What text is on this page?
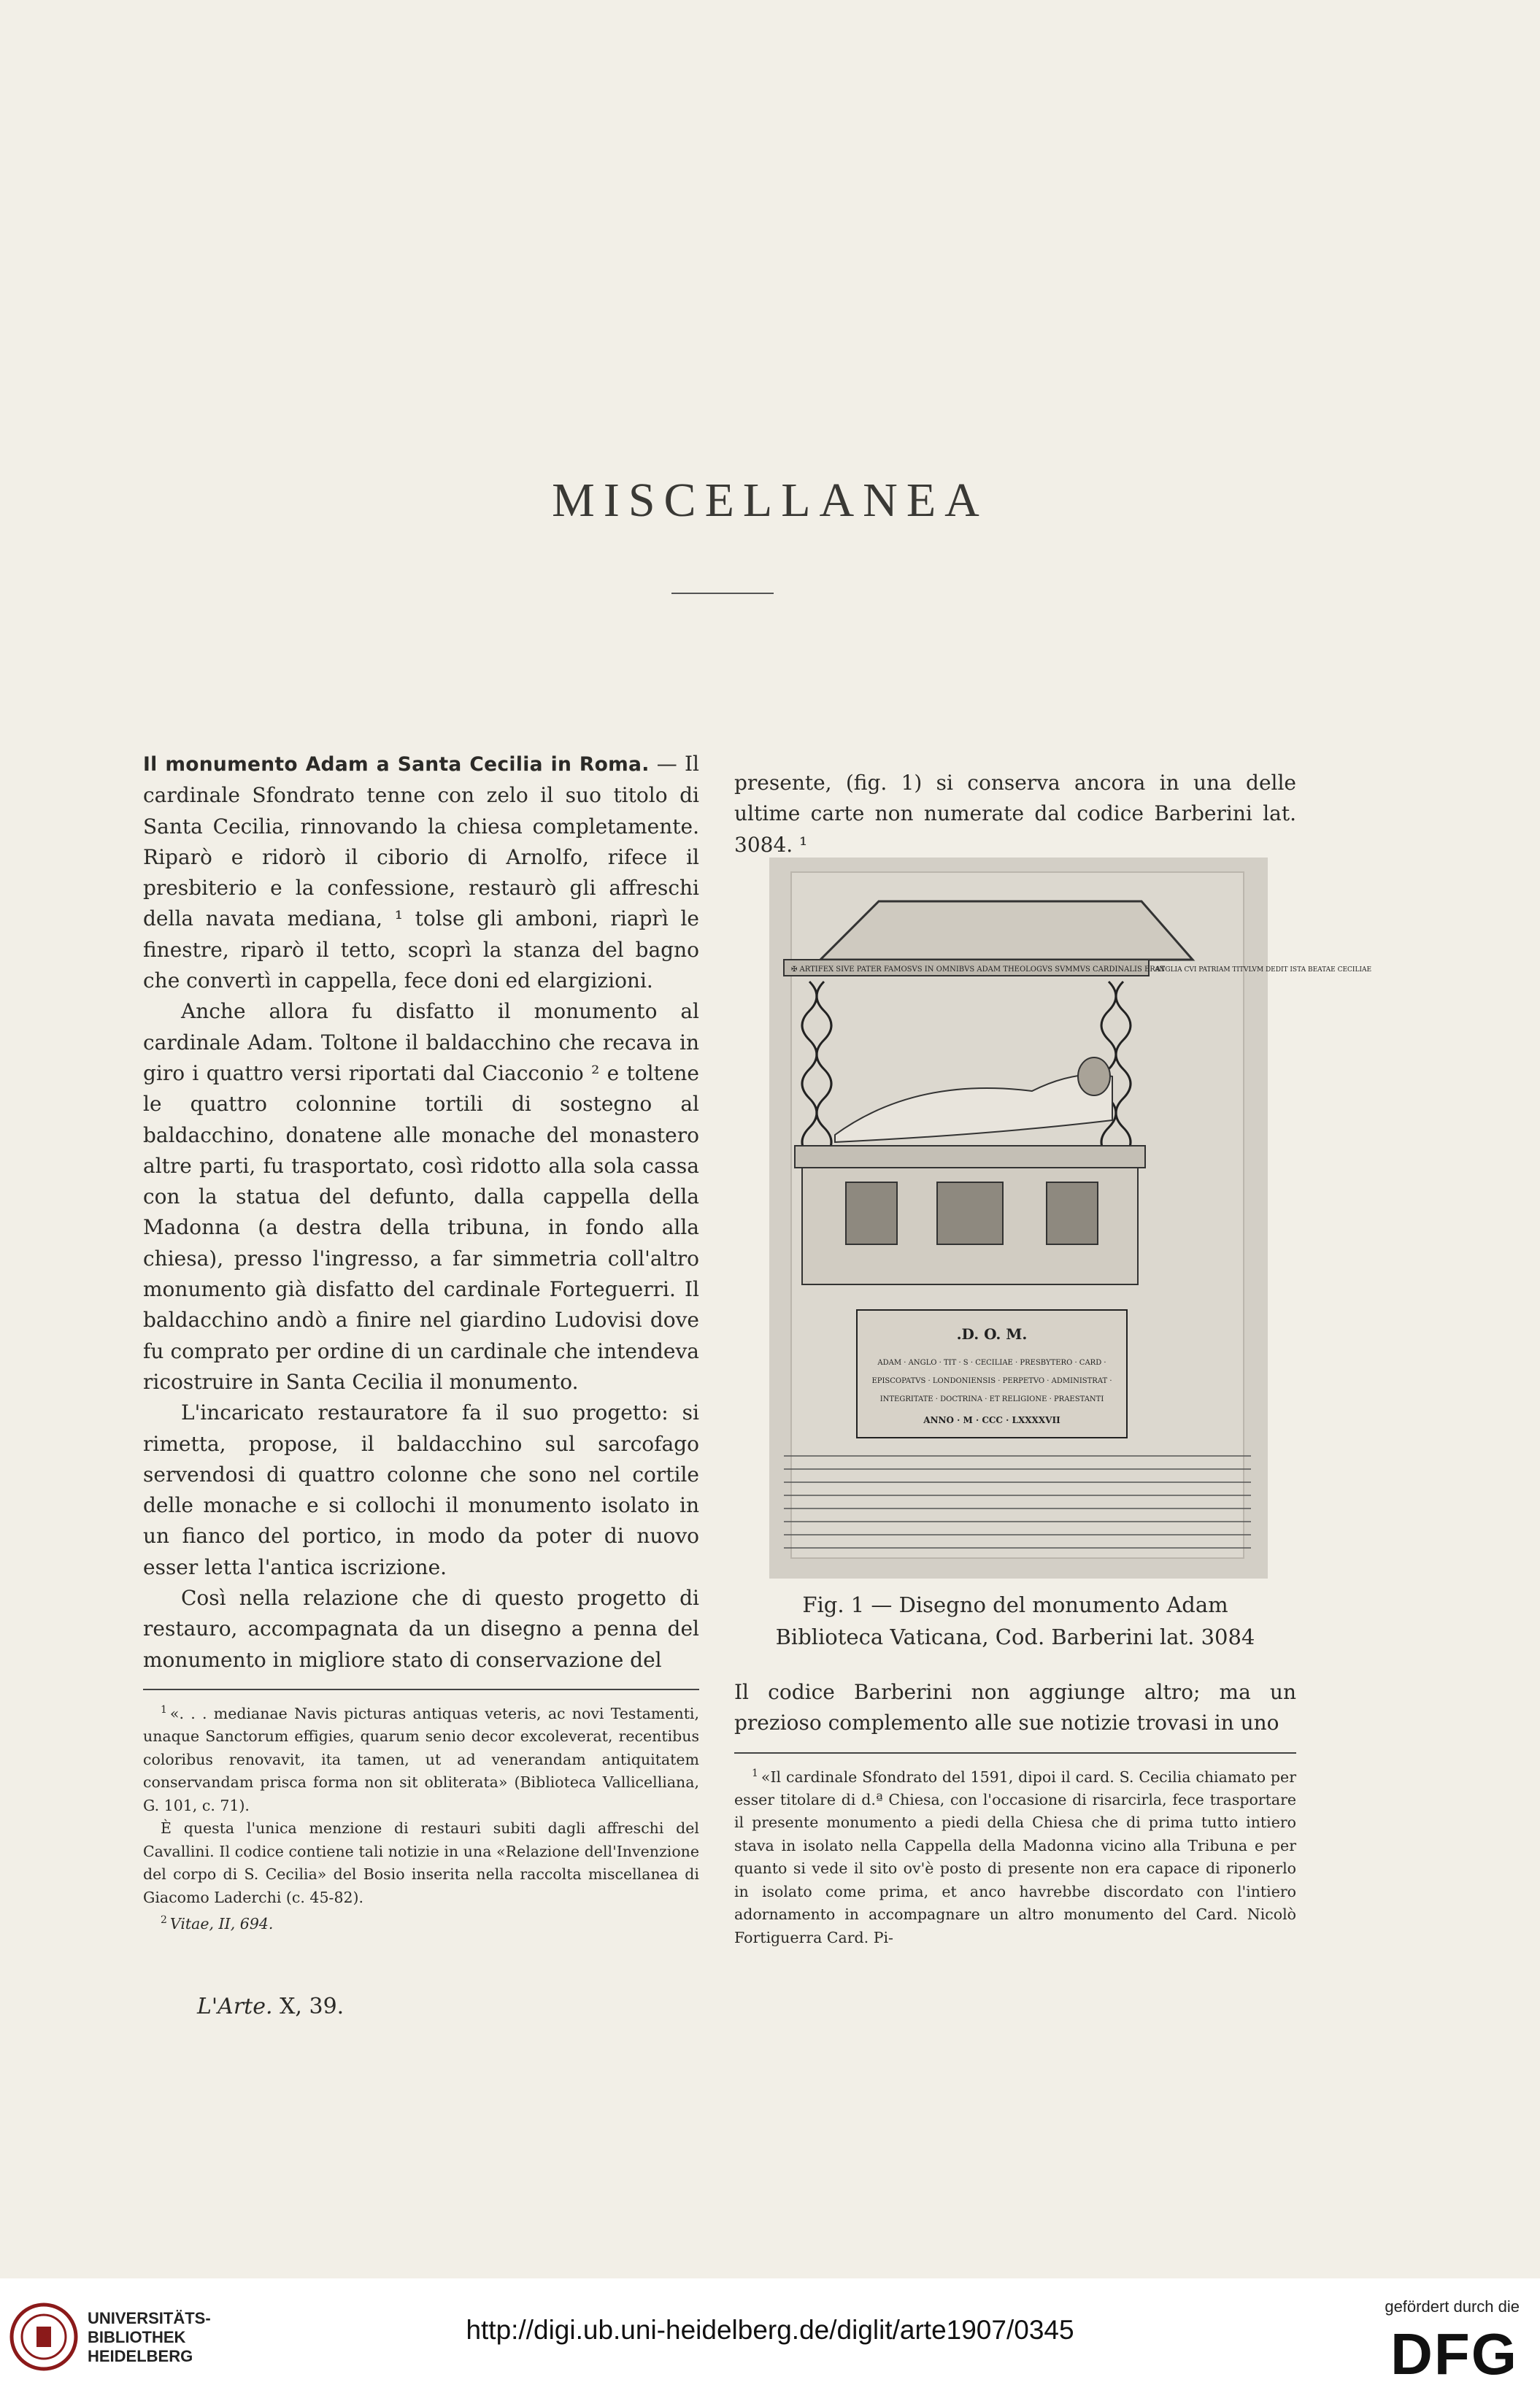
MISCELLANEA

Il monumento Adam a Santa Cecilia in Roma. — Il cardinale Sfondrato tenne con zelo il suo titolo di Santa Cecilia, rinnovando la chiesa completamente. Riparò e ridorò il ciborio di Arnolfo, rifece il presbiterio e la confessione, restaurò gli affreschi della navata mediana, ¹ tolse gli amboni, riaprì le finestre, riparò il tetto, scoprì la stanza del bagno che convertì in cappella, fece doni ed elargizioni.

Anche allora fu disfatto il monumento al cardinale Adam. Toltone il baldacchino che recava in giro i quattro versi riportati dal Ciacconio ² e toltene le quattro colonnine tortili di sostegno al baldacchino, donatene alle monache del monastero altre parti, fu trasportato, così ridotto alla sola cassa con la statua del defunto, dalla cappella della Madonna (a destra della tribuna, in fondo alla chiesa), presso l'ingresso, a far simmetria coll'altro monumento già disfatto del cardinale Forteguerri. Il baldacchino andò a finire nel giardino Ludovisi dove fu comprato per ordine di un cardinale che intendeva ricostruire in Santa Cecilia il monumento.

L'incaricato restauratore fa il suo progetto: si rimetta, propose, il baldacchino sul sarcofago servendosi di quattro colonne che sono nel cortile delle monache e si collochi il monumento isolato in un fianco del portico, in modo da poter di nuovo esser letta l'antica iscrizione.

Così nella relazione che di questo progetto di restauro, accompagnata da un disegno a penna del monumento in migliore stato di conservazione del

$^1$ «. . . medianae Navis picturas antiquas veteris, ac novi Testamenti, unaque Sanctorum effigies, quarum senio decor excoleverat, recentibus coloribus renovavit, ita tamen, ut ad venerandam antiquitatem conservandam prisca forma non sit obliterata» (Biblioteca Vallicelliana, G. 101, c. 71).

È questa l'unica menzione di restauri subiti dagli affreschi del Cavallini. Il codice contiene tali notizie in una «Relazione dell'Invenzione del corpo di S. Cecilia» del Bosio inserita nella raccolta miscellanea di Giacomo Laderchi (c. 45-82).

$^2$ Vitae, II, 694.

presente, (fig. 1) si conserva ancora in una delle ultime carte non numerate dal codice Barberini lat. 3084. ¹

✠ ARTIFEX SIVE PATER FAMOSVS IN OMNIBVS ADAM THEOLOGVS SVMMVS CARDINALIS ERAT
ANGLIA CVI PATRIAM TITVLVM DEDIT ISTA BEATAE CECILIAE
.D. O. M.
ADAM · ANGLO · TIT · S · CECILIAE · PRESBYTERO · CARD ·
EPISCOPATVS · LONDONIENSIS · PERPETVO · ADMINISTRAT ·
INTEGRITATE · DOCTRINA · ET RELIGIONE · PRAESTANTI
ANNO · M · CCC · LXXXXVII
Fig. 1 — Disegno del monumento Adam
Biblioteca Vaticana, Cod. Barberini lat. 3084

Il codice Barberini non aggiunge altro; ma un prezioso complemento alle sue notizie trovasi in uno

$^1$ «Il cardinale Sfondrato del 1591, dipoi il card. S. Cecilia chiamato per esser titolare di d.ª Chiesa, con l'occasione di risarcirla, fece trasportare il presente monumento a piedi della Chiesa che di prima tutto intiero stava in isolato nella Cappella della Madonna vicino alla Tribuna e per quanto si vede il sito ov'è posto di presente non era capace di riponerlo in isolato come prima, et anco havrebbe discordato con l'intiero adornamento in accompagnare un altro monumento del Card. Nicolò Fortiguerra Card. Pi-

L'Arte. X, 39.
UNIVERSITÄTS-
BIBLIOTHEK
HEIDELBERG
http://digi.ub.uni-heidelberg.de/diglit/arte1907/0345
gefördert durch die
DFG
